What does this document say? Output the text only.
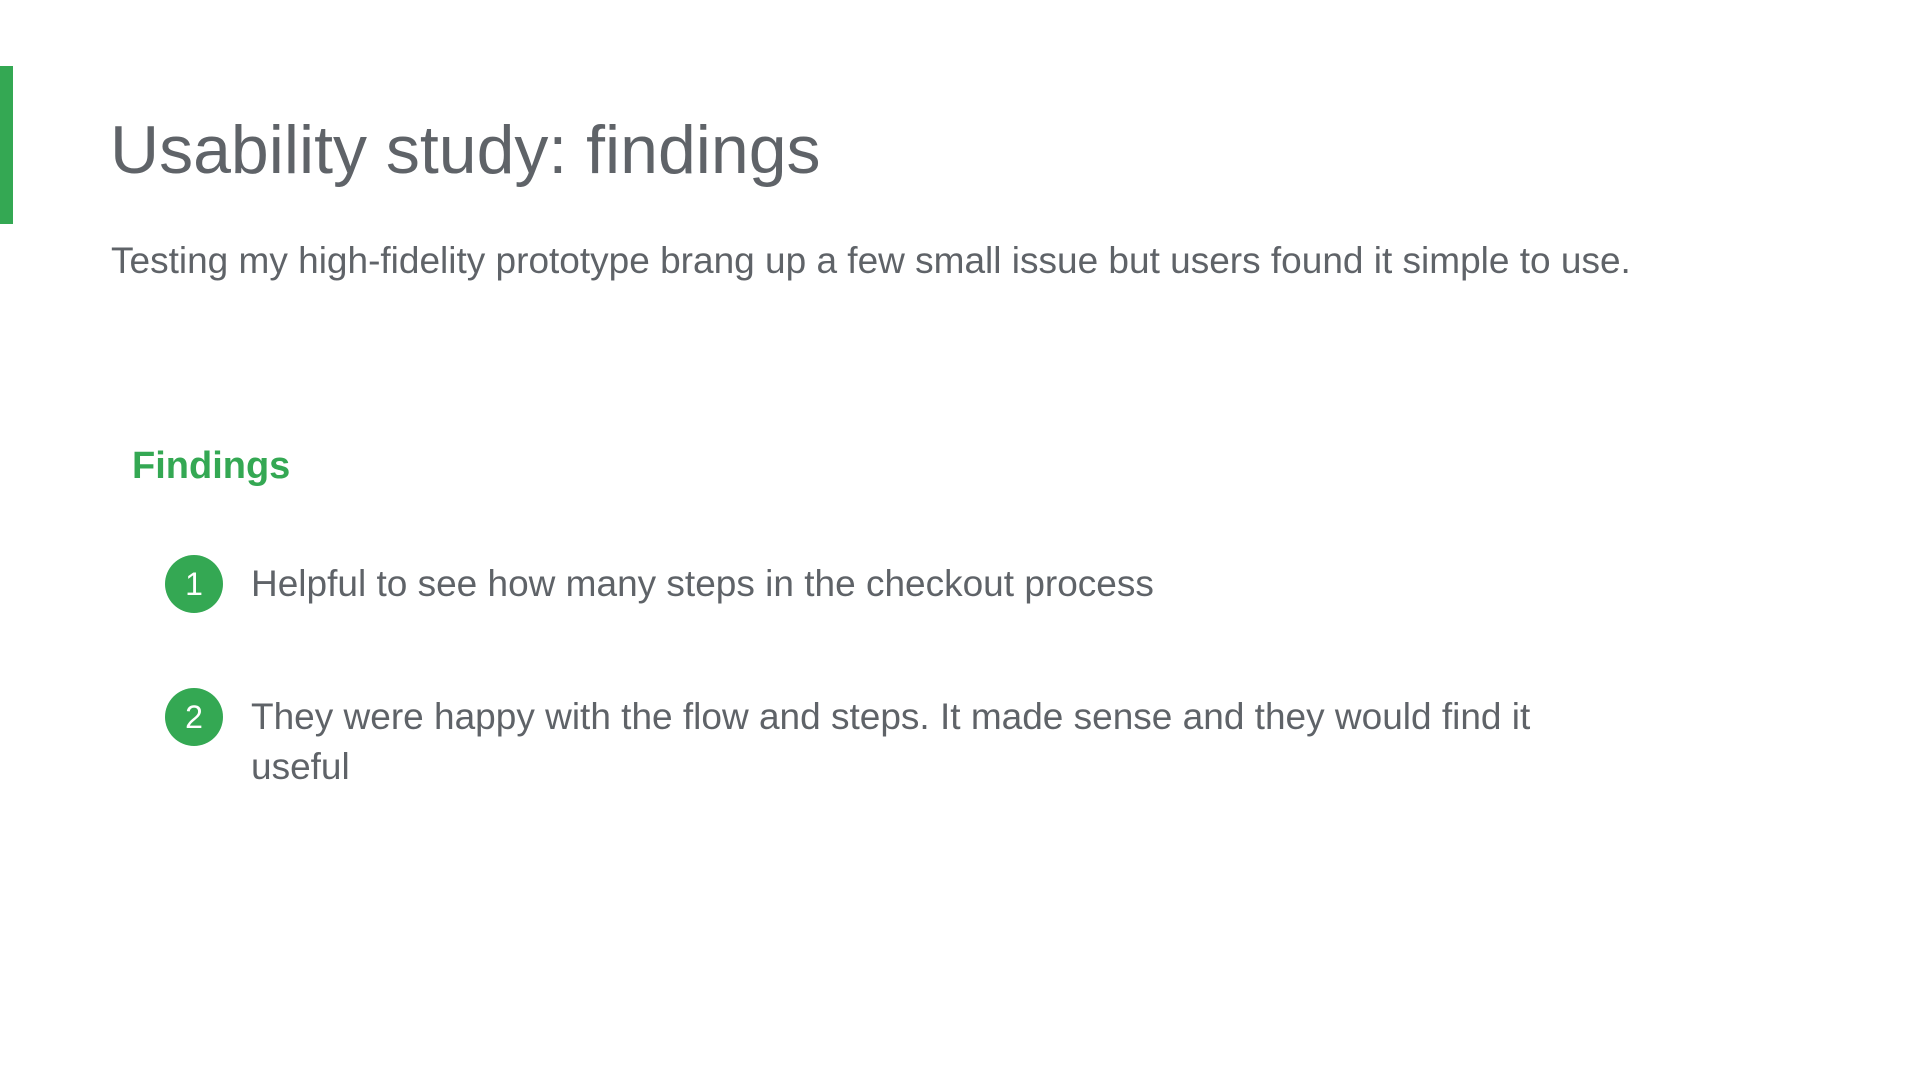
Usability study: findings

Testing my high-fidelity prototype brang up a few small issue but users found it simple to use.

Findings
1	Helpful to see how many steps in the checkout process
2	They were happy with the flow and steps. It made sense and they would find it useful
